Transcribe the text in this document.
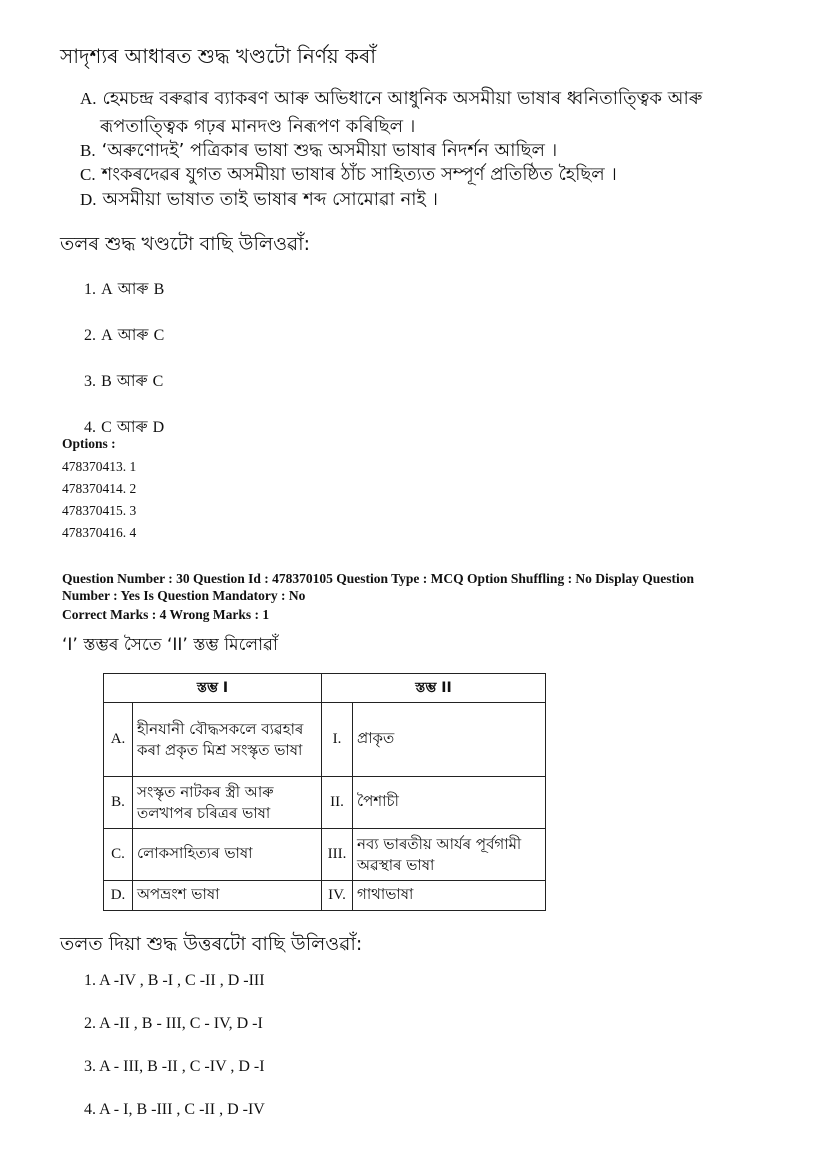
সাদৃশ্যৰ আধাৰত শুদ্ধ খণ্ডটো নিৰ্ণয় কৰাঁ
A. হেমচন্দ্ৰ বৰুৱাৰ ব্যাকৰণ আৰু অভিধানে আধুনিক অসমীয়া ভাষাৰ ধ্বনিতাত্ত্বিক আৰু
ৰূপতাত্ত্বিক গঢ়ৰ মানদণ্ড নিৰূপণ কৰিছিল ।
B. ‘অৰুণোদই’ পত্ৰিকাৰ ভাষা শুদ্ধ অসমীয়া ভাষাৰ নিদৰ্শন আছিল ।
C. শংকৰদেৱৰ যুগত অসমীয়া ভাষাৰ ঠাঁচ সাহিত্যত সম্পূৰ্ণ প্ৰতিষ্ঠিত হৈছিল ।
D. অসমীয়া ভাষাত তাই ভাষাৰ শব্দ সোমোৱা নাই ।
তলৰ শুদ্ধ খণ্ডটো বাছি উলিওৱাঁ:
1. A আৰু B
2. A আৰু C
3. B আৰু C
4. C আৰু D
Options :
478370413. 1
478370414. 2
478370415. 3
478370416. 4
Question Number : 30 Question Id : 478370105 Question Type : MCQ Option Shuffling : No Display Question
Number : Yes Is Question Mandatory : No
Correct Marks : 4 Wrong Marks : 1
‘I’ স্তম্ভৰ সৈতে ‘II’ স্তম্ভ মিলোৱাঁ
স্তম্ভ I		স্তম্ভ II	
A.	হীনযানী বৌদ্ধসকলে ব্যৱহাৰ কৰা প্ৰকৃত মিশ্ৰ সংস্কৃত ভাষা	I.	প্ৰাকৃত
B.	সংস্কৃত নাটকৰ স্ত্ৰী আৰু তলখাপৰ চৰিত্ৰৰ ভাষা	II.	পৈশাচী
C.	লোকসাহিত্যৰ ভাষা	III.	নব্য ভাৰতীয় আৰ্যৰ পূৰ্বগামী অৱস্থাৰ ভাষা
D.	অপভ্ৰংশ ভাষা	IV.	গাথাভাষা
তলত দিয়া শুদ্ধ উত্তৰটো বাছি উলিওৱাঁ:
1. A -IV , B -I , C -II , D -III
2. A -II , B - III, C - IV, D -I
3. A - III, B -II , C -IV , D -I
4. A - I, B -III , C -II , D -IV
